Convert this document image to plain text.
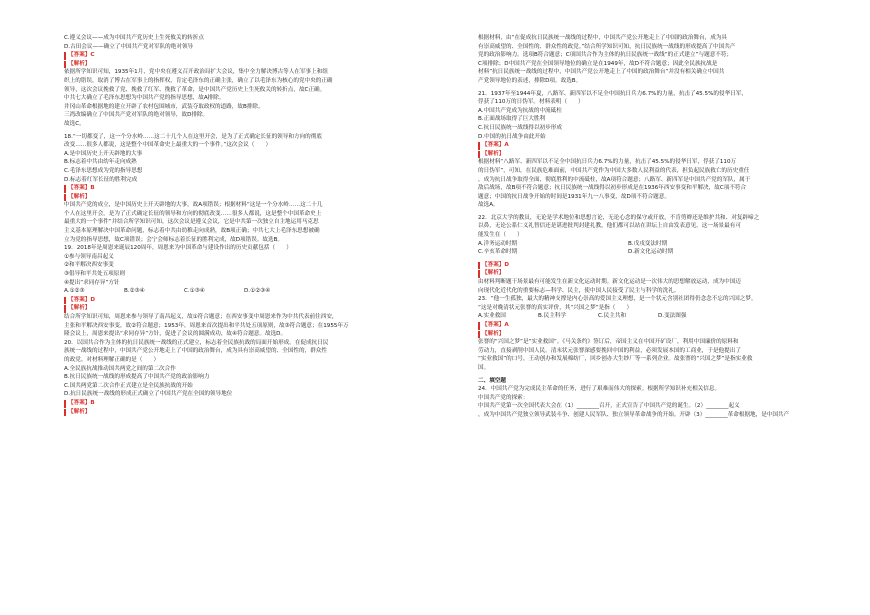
C.遵义会议——成为中国共产党历史上生死攸关的转折点
D.古田会议——确立了中国共产党对军队的绝对领导
【答案】C
【解析】
依据所学知识可知，1935年1月，党中央在遵义召开政治局扩大会议，集中全力解决博古等人在军事上和组
织上的错误，取消了博古在军事上的指挥权，肯定毛泽东的正确主张，确立了以毛泽东为核心的党中央的正确
领导，这次会议挽救了党、挽救了红军、挽救了革命，是中国共产党历史上生死攸关的转折点，故C正确。
中共七大确立了毛泽东思想为中国共产党的指导思想，故A排除。
井冈山革命根据地的建立开辟了农村包围城市，武装夺取政权的道路，故B排除。
三湾改编确立了中国共产党对军队的绝对领导，故D排除。
故选C。
18.“一切都变了，这一个分水岭……这二十几个人在这里开会，是为了正式确定长征的领导和方向的彻底
改变……很多人都说，这是整个中国革命史上最重大的一个事件。”这次会议（　　）
A.是中国历史上开天辟地的大事
B.标志着中共由幼年走向成熟
C.毛泽东思想成为党的指导思想
D.标志着红军长征的胜利完成
【答案】B
【解析】
中国共产党的成立，是中国历史上开天辟地的大事，故A项错误；根据材料“这是一个分水岭……这二十几
个人在这里开会，是为了正式确定长征的领导和方向的彻底改变……很多人都说，这是整个中国革命史上
最重大的一个事件”并结合所学知识可知，这次会议是遵义会议，它是中共第一次独立自主地运用马克思
主义基本原理解决中国革命问题，标志着中共由幼稚走向成熟，故B项正确；中共七大上毛泽东思想被确
立为党的指导思想，故C项错误；会宁会师标志着长征的胜利完成，故D项错误。故选B。
19．2018年是周恩来诞辰120周年，周恩来为中国革命与建设作出的历史贡献包括（　　）
①参与领导南昌起义
②和平解决西安事变
③倡导和平共处五项原则
④提出“求同存异”方针
A.①②③	B.②③④	C.①③④	D.①②③④
【答案】D
【解析】
结合所学知识可知，周恩来参与领导了南昌起义，故①符合题意；在西安事变中周恩来作为中共代表前往西安，
主张和平解决西安事变，故②符合题意；1953年，周恩来首次提出和平共处五项原则，故③符合题意；在1955年万
隆会议上，周恩来提出“求同存异”方针，促进了会议的圆满成功，故④符合题意。故选D。
20．以国共合作为主体的抗日民族统一战线的正式建立，标志着全民族抗战的局面开始形成。在促成抗日民
族统一战线的过程中，中国共产党公开地走上了中国的政治舞台，成为具有崇高威望的、全国性的，群众性
的政党。对材料理解正确的是（　　）
A.全民族抗战推动国共两党之间的第二次合作
B.抗日民族统一战线的形成提高了中国共产党的政治影响力
C.国共两党第二次合作正式建立是全民族抗战的开始
D.抗日民族统一战线的形成正式确立了中国共产党在全国的领导地位
【答案】B
【解析】
根据材料，由“在促成抗日民族统一战线的过程中，中国共产党公开地走上了中国的政治舞台，成为具
有崇高威望的、全国性的、群众性的政党。”结合所学知识可知，抗日民族统一战线的形成提高了中国共产
党的政治影响力。选项B符合题意；C项国共合作为主体的抗日民族统一战线“的正式建立”与题意不符；
C项排除；D中国共产党在全国领导地位的确立是在1949年，故D不符合题意；因此全民族抗战是
材料”抗日民族统一战线的过程中，中国共产党公开地走上了中国的政治舞台”并没有相关确立中国共
产党领导地位的表述，排除D项。故选B。
21．1937年至1944年夏，八路军、新四军以不足全中国抗日兵力6.7%的力量，抗击了45.5%的侵华日军，
俘获了110万的日伪军。材料表明（　　）
A.中国共产党成为抗战的中流砥柱
B.正面战场取得了巨大胜利
C.抗日民族统一战线得以初步形成
D.中国的抗日战争由此开始
【答案】A
【解析】
根据材料“八路军、新四军以不足全中国抗日兵力6.7%的力量，抗击了45.5%的侵华日军，俘获了110万
的日伪军”，可知，在民族危难面前，中国共产党作为中国大多数人民利益的代表，担负起民族救亡的历史重任
，成为抗日战争取得全面、彻底胜利的中流砥柱，故A项符合题意；八路军、新四军是中国共产党的军队，属于
敌后战场，故B项不符合题意；抗日民族统一战线得以初步形成是在1936年西安事变和平解决，故C项不符合
题意；中国的抗日战争开始的时间是1931年九一八事变，故D项不符合题意。
故选A。
22．北京大学的教员，无论是学术地位和思想言论，无论心念的保守或开放，不肯剪辫还是维护共和、对复辟啼之
以鼻，无论公系仁义礼智信还是谌进批判封建礼教，他们都可以站在讲坛上自由发表意见。这一场景最有可
能发生在（　　）
A.洋务运动时期	B.戊戌变法时期
C.辛亥革命时期	D.新文化运动时期
【答案】D
【解析】
由材料判断题干场景最有可能发生在新文化运动时期。新文化运动是一次伟大的思想解放运动，成为中国迈
向现代化近代化的重要标志—科学、民主，使中国人民接受了民主与科学的洗礼。
23．“他一生孤独，最大的精神支撑是内心崇高的爱国主义理想，是一个状元含别社团得仍念念不忘的兴国之梦。
”这是对晚清状元张謇的真实评价，其“兴国之梦”是指（　　）
A.实业救国	B.民主科学	C.民主共和	D.变法图强
【答案】A
【解析】
张謇的“兴国之梦”是“实业救国”。《马关条约》签订后，帝国主义在中国开矿设厂，利用中国廉价的原料和
劳动力，直接剥削中国人民。清末状元张謇深感要挽回中国的利益，必须发展本国的工商业，于是他提出了
“实业救国”的口号，王动创办和发展棉纺厂，回乡创办大生纱厂等一系列企业。故张謇的“兴国之梦”是指实业救
国。
二、填空题
24．中国共产党为完成民主革命的任务，进行了艰难而伟大的探索。根据所学知识补充相关信息。
中国共产党的探索：
中国共产党第一次全国代表大会在（1）________召开，正式宣告了中国共产党的诞生。（2）________起义
，成为中国共产党独立领导武装斗争、创建人民军队、独立领导革命战争的开始。开辟（3）________革命根据地，是中国共产
